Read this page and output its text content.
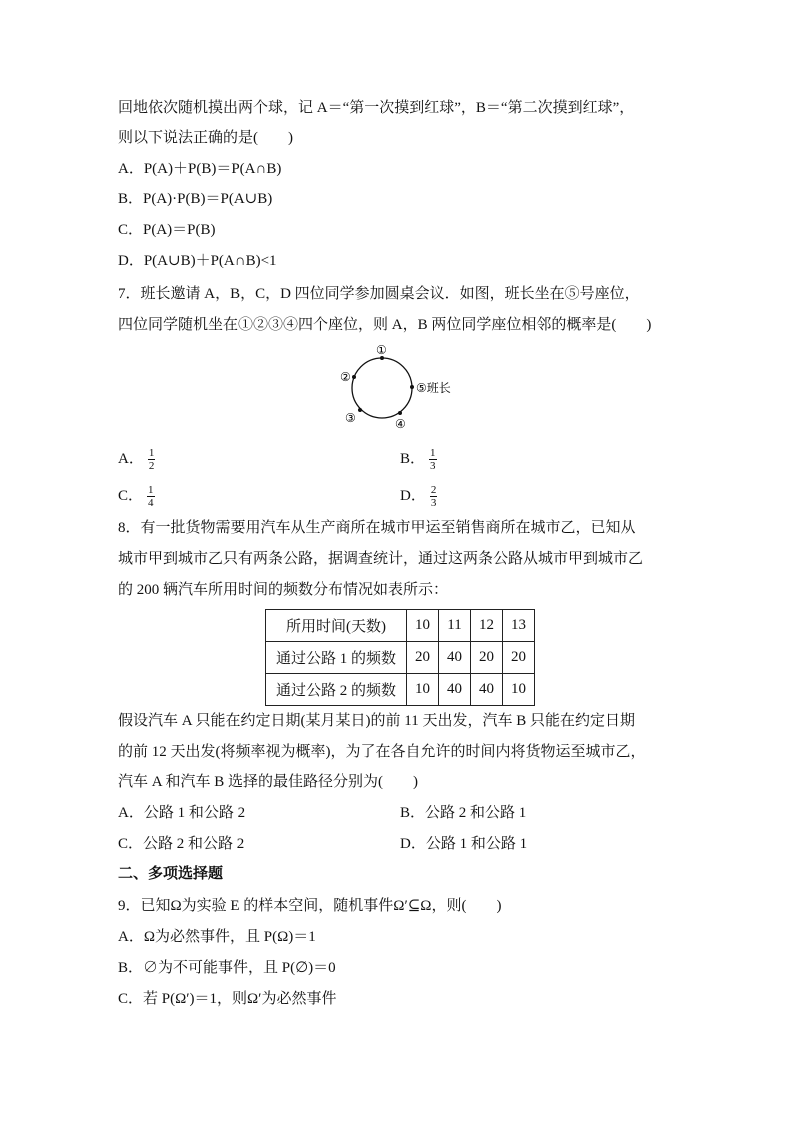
回地依次随机摸出两个球，记 A＝“第一次摸到红球”，B＝“第二次摸到红球”，
则以下说法正确的是(　　)
A．P(A)＋P(B)＝P(A∩B)
B．P(A)·P(B)＝P(A∪B)
C．P(A)＝P(B)
D．P(A∪B)＋P(A∩B)<1
7．班长邀请 A，B，C，D 四位同学参加圆桌会议．如图，班长坐在⑤号座位，
四位同学随机坐在①②③④四个座位，则 A，B 两位同学座位相邻的概率是(　　)
①
②
③	④
⑤班长
A． $\frac{1}{2}$	B． $\frac{1}{3}$
C． $\frac{1}{4}$	D． $\frac{2}{3}$
8．有一批货物需要用汽车从生产商所在城市甲运至销售商所在城市乙，已知从
城市甲到城市乙只有两条公路，据调查统计，通过这两条公路从城市甲到城市乙
的 200 辆汽车所用时间的频数分布情况如表所示：
所用时间(天数)	10	11	12	13
通过公路 1 的频数	20	40	20	20
通过公路 2 的频数	10	40	40	10
假设汽车 A 只能在约定日期(某月某日)的前 11 天出发，汽车 B 只能在约定日期
的前 12 天出发(将频率视为概率)，为了在各自允许的时间内将货物运至城市乙，
汽车 A 和汽车 B 选择的最佳路径分别为(　　)
A．公路 1 和公路 2	B．公路 2 和公路 1
C．公路 2 和公路 2	D．公路 1 和公路 1
二、多项选择题
9．已知Ω为实验 E 的样本空间，随机事件Ω′⊆Ω，则(　　)
A．Ω为必然事件，且 P(Ω)＝1
B．∅为不可能事件，且 P(∅)＝0
C．若 P(Ω′)＝1，则Ω′为必然事件
